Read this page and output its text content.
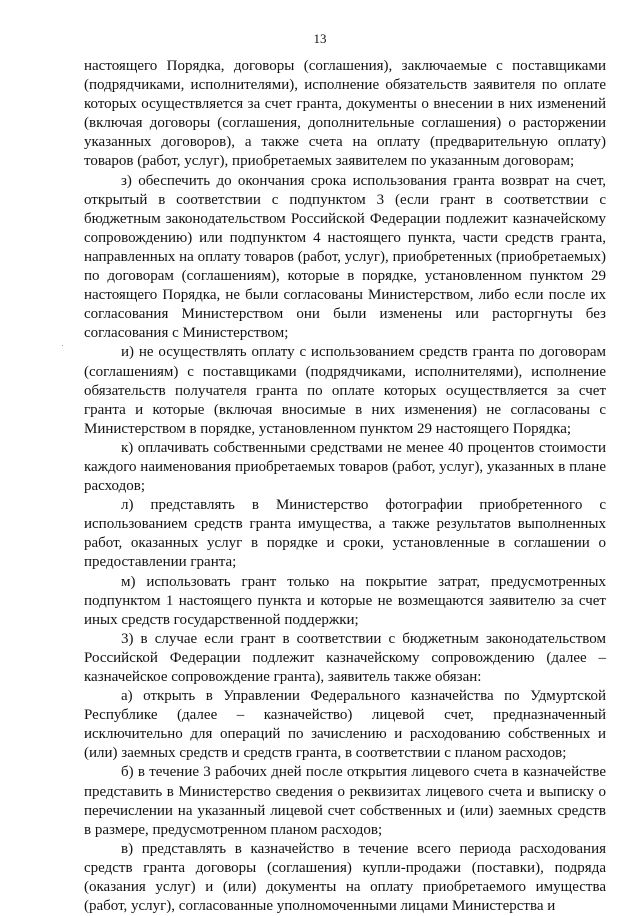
13

настоящего Порядка, договоры (соглашения), заключаемые с поставщиками (подрядчиками, исполнителями), исполнение обязательств заявителя по оплате которых осуществляется за счет гранта, документы о внесении в них изменений (включая договоры (соглашения, дополнительные соглашения) о расторжении указанных договоров), а также счета на оплату (предварительную оплату) товаров (работ, услуг), приобретаемых заявителем по указанным договорам;

з) обеспечить до окончания срока использования гранта возврат на счет, открытый в соответствии с подпунктом 3 (если грант в соответствии с бюджетным законодательством Российской Федерации подлежит казначейскому сопровождению) или подпунктом 4 настоящего пункта, части средств гранта, направленных на оплату товаров (работ, услуг), приобретенных (приобретаемых) по договорам (соглашениям), которые в порядке, установленном пунктом 29 настоящего Порядка, не были согласованы Министерством, либо если после их согласования Министерством они были изменены или расторгнуты без согласования с Министерством;

и) не осуществлять оплату с использованием средств гранта по договорам (соглашениям) с поставщиками (подрядчиками, исполнителями), исполнение обязательств получателя гранта по оплате которых осуществляется за счет гранта и которые (включая вносимые в них изменения) не согласованы с Министерством в порядке, установленном пунктом 29 настоящего Порядка;

к) оплачивать собственными средствами не менее 40 процентов стоимости каждого наименования приобретаемых товаров (работ, услуг), указанных в плане расходов;

л) представлять в Министерство фотографии приобретенного с использованием средств гранта имущества, а также результатов выполненных работ, оказанных услуг в порядке и сроки, установленные в соглашении о предоставлении гранта;

м) использовать грант только на покрытие затрат, предусмотренных подпунктом 1 настоящего пункта и которые не возмещаются заявителю за счет иных средств государственной поддержки;

3) в случае если грант в соответствии с бюджетным законодательством Российской Федерации подлежит казначейскому сопровождению (далее – казначейское сопровождение гранта), заявитель также обязан:

а) открыть в Управлении Федерального казначейства по Удмуртской Республике (далее – казначейство) лицевой счет, предназначенный исключительно для операций по зачислению и расходованию собственных и (или) заемных средств и средств гранта, в соответствии с планом расходов;

б) в течение 3 рабочих дней после открытия лицевого счета в казначействе представить в Министерство сведения о реквизитах лицевого счета и выписку о перечислении на указанный лицевой счет собственных и (или) заемных средств в размере, предусмотренном планом расходов;

в) представлять в казначейство в течение всего периода расходования средств гранта договоры (соглашения) купли-продажи (поставки), подряда (оказания услуг) и (или) документы на оплату приобретаемого имущества (работ, услуг), согласованные уполномоченными лицами Министерства и
